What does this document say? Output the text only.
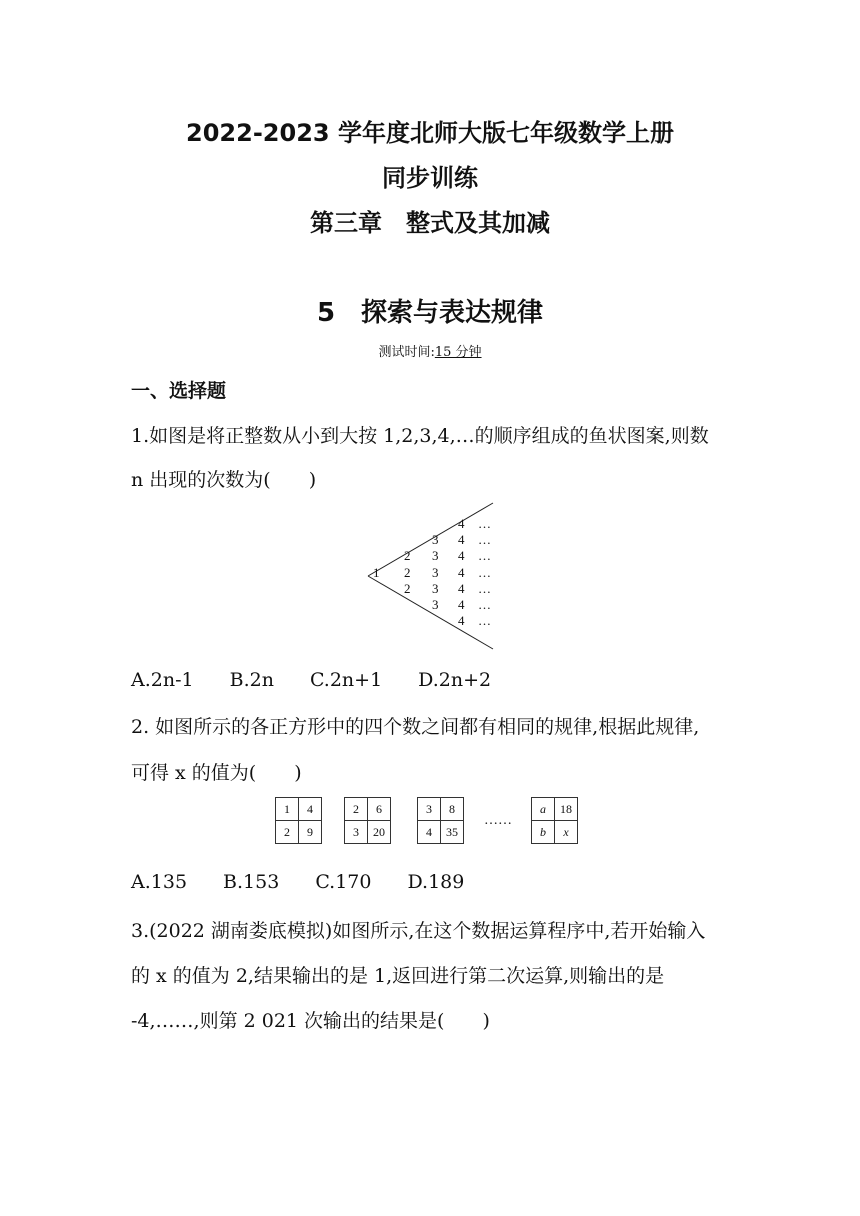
2022-2023 学年度北师大版七年级数学上册
同步训练
第三章　整式及其加减
5　探索与表达规律
测试时间:15 分钟
一、选择题
1.如图是将正整数从小到大按 1,2,3,4,…的顺序组成的鱼状图案,则数
n 出现的次数为(　　)
4 …
3 4 …
2 3 4 …
1 2 3 4 …
2 3 4 …
3 4 …
4 …
A.2n-1 B.2n C.2n+1 D.2n+2
2. 如图所示的各正方形中的四个数之间都有相同的规律,根据此规律,
可得 x 的值为(　　)
1	4
2	9
2	6
3	20
3	8
4	35
……
a	18
b	x
A.135 B.153 C.170 D.189
3.(2022 湖南娄底模拟)如图所示,在这个数据运算程序中,若开始输入
的 x 的值为 2,结果输出的是 1,返回进行第二次运算,则输出的是
-4,……,则第 2 021 次输出的结果是(　　)
